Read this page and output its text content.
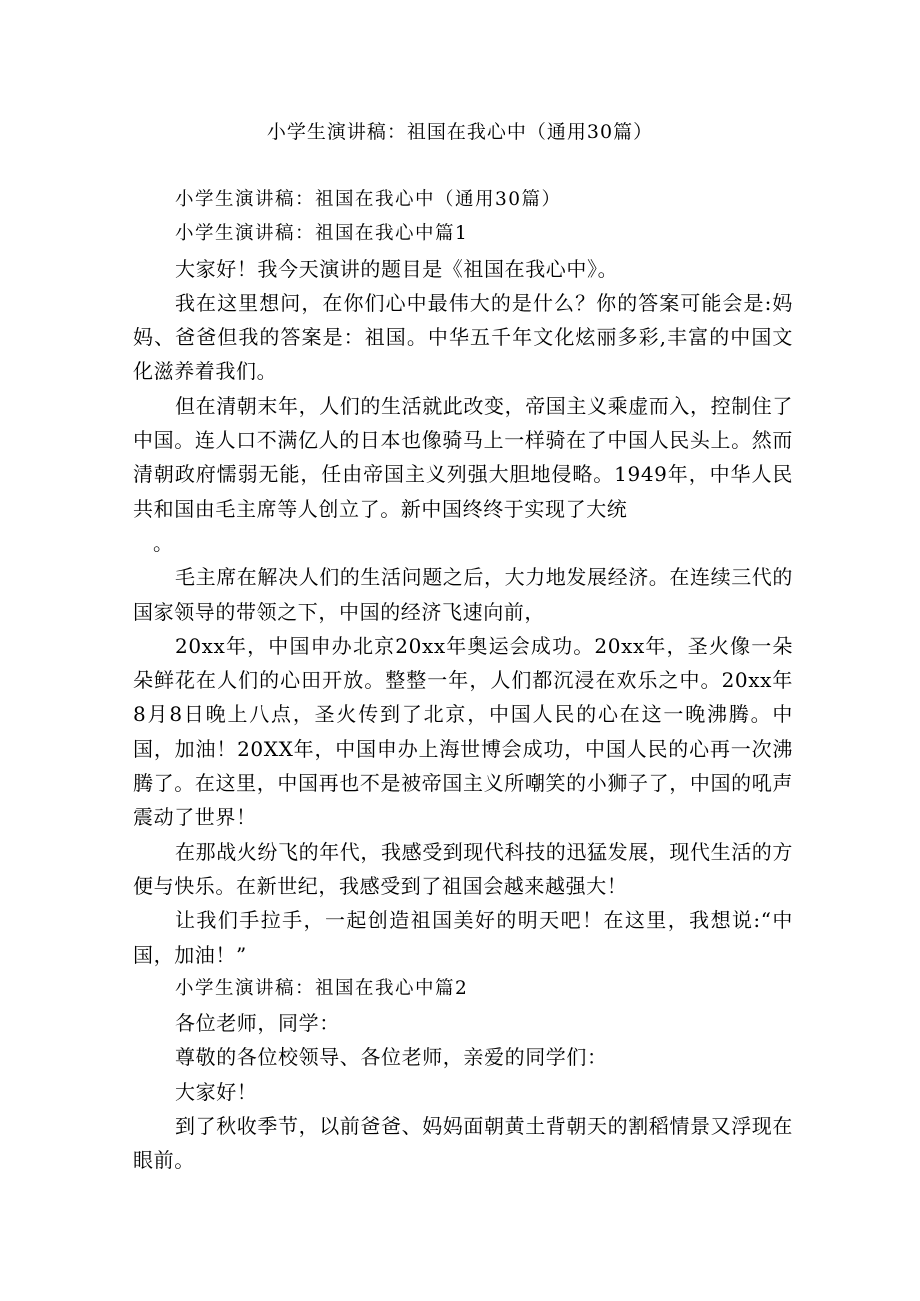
小学生演讲稿：祖国在我心中（通用30篇）

小学生演讲稿：祖国在我心中（通用30篇）

小学生演讲稿：祖国在我心中篇1

大家好！我今天演讲的题目是《祖国在我心中》。

我在这里想问，在你们心中最伟大的是什么？你的答案可能会是:妈妈、爸爸但我的答案是：祖国。中华五千年文化炫丽多彩,丰富的中国文化滋养着我们。

但在清朝末年，人们的生活就此改变，帝国主义乘虚而入，控制住了中国。连人口不满亿人的日本也像骑马上一样骑在了中国人民头上。然而清朝政府懦弱无能，任由帝国主义列强大胆地侵略。1949年，中华人民共和国由毛主席等人创立了。新中国终终于实现了大统

。

毛主席在解决人们的生活问题之后，大力地发展经济。在连续三代的国家领导的带领之下，中国的经济飞速向前，

20xx年，中国申办北京20xx年奥运会成功。20xx年，圣火像一朵朵鲜花在人们的心田开放。整整一年，人们都沉浸在欢乐之中。20xx年8月8日晚上八点，圣火传到了北京，中国人民的心在这一晚沸腾。中国，加油！20XX年，中国申办上海世博会成功，中国人民的心再一次沸腾了。在这里，中国再也不是被帝国主义所嘲笑的小狮子了，中国的吼声震动了世界！

在那战火纷飞的年代，我感受到现代科技的迅猛发展，现代生活的方便与快乐。在新世纪，我感受到了祖国会越来越强大！

让我们手拉手，一起创造祖国美好的明天吧！在这里，我想说:“中国，加油！”

小学生演讲稿：祖国在我心中篇2

各位老师，同学：

尊敬的各位校领导、各位老师，亲爱的同学们：

大家好！

到了秋收季节，以前爸爸、妈妈面朝黄土背朝天的割稻情景又浮现在眼前。
